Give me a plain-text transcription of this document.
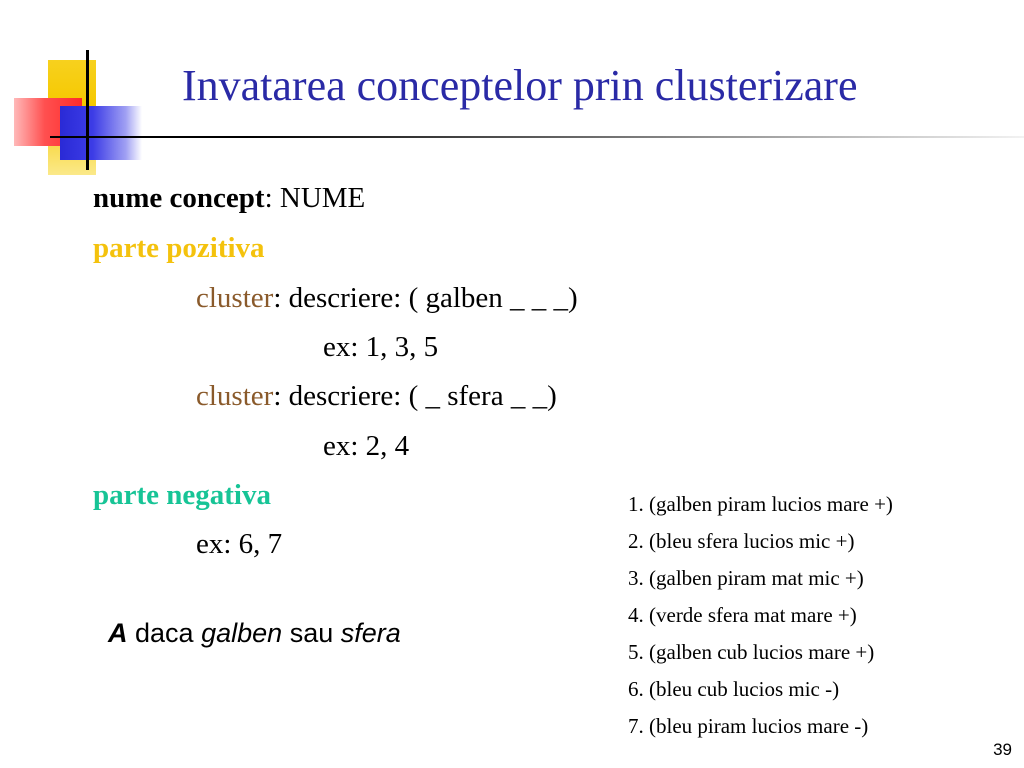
Invatarea conceptelor prin clusterizare
nume concept: NUME
parte pozitiva
cluster: descriere: ( galben _ _ _)
ex: 1, 3, 5
cluster: descriere: ( _ sfera _ _)
ex: 2, 4
parte negativa
ex: 6, 7
1. (galben piram lucios mare +)
2. (bleu sfera lucios mic +)
3. (galben piram mat mic +)
4. (verde sfera mat mare +)
5. (galben cub lucios mare +)
6. (bleu cub lucios mic -)
7. (bleu piram lucios mare -)
A daca galben sau sfera
39
